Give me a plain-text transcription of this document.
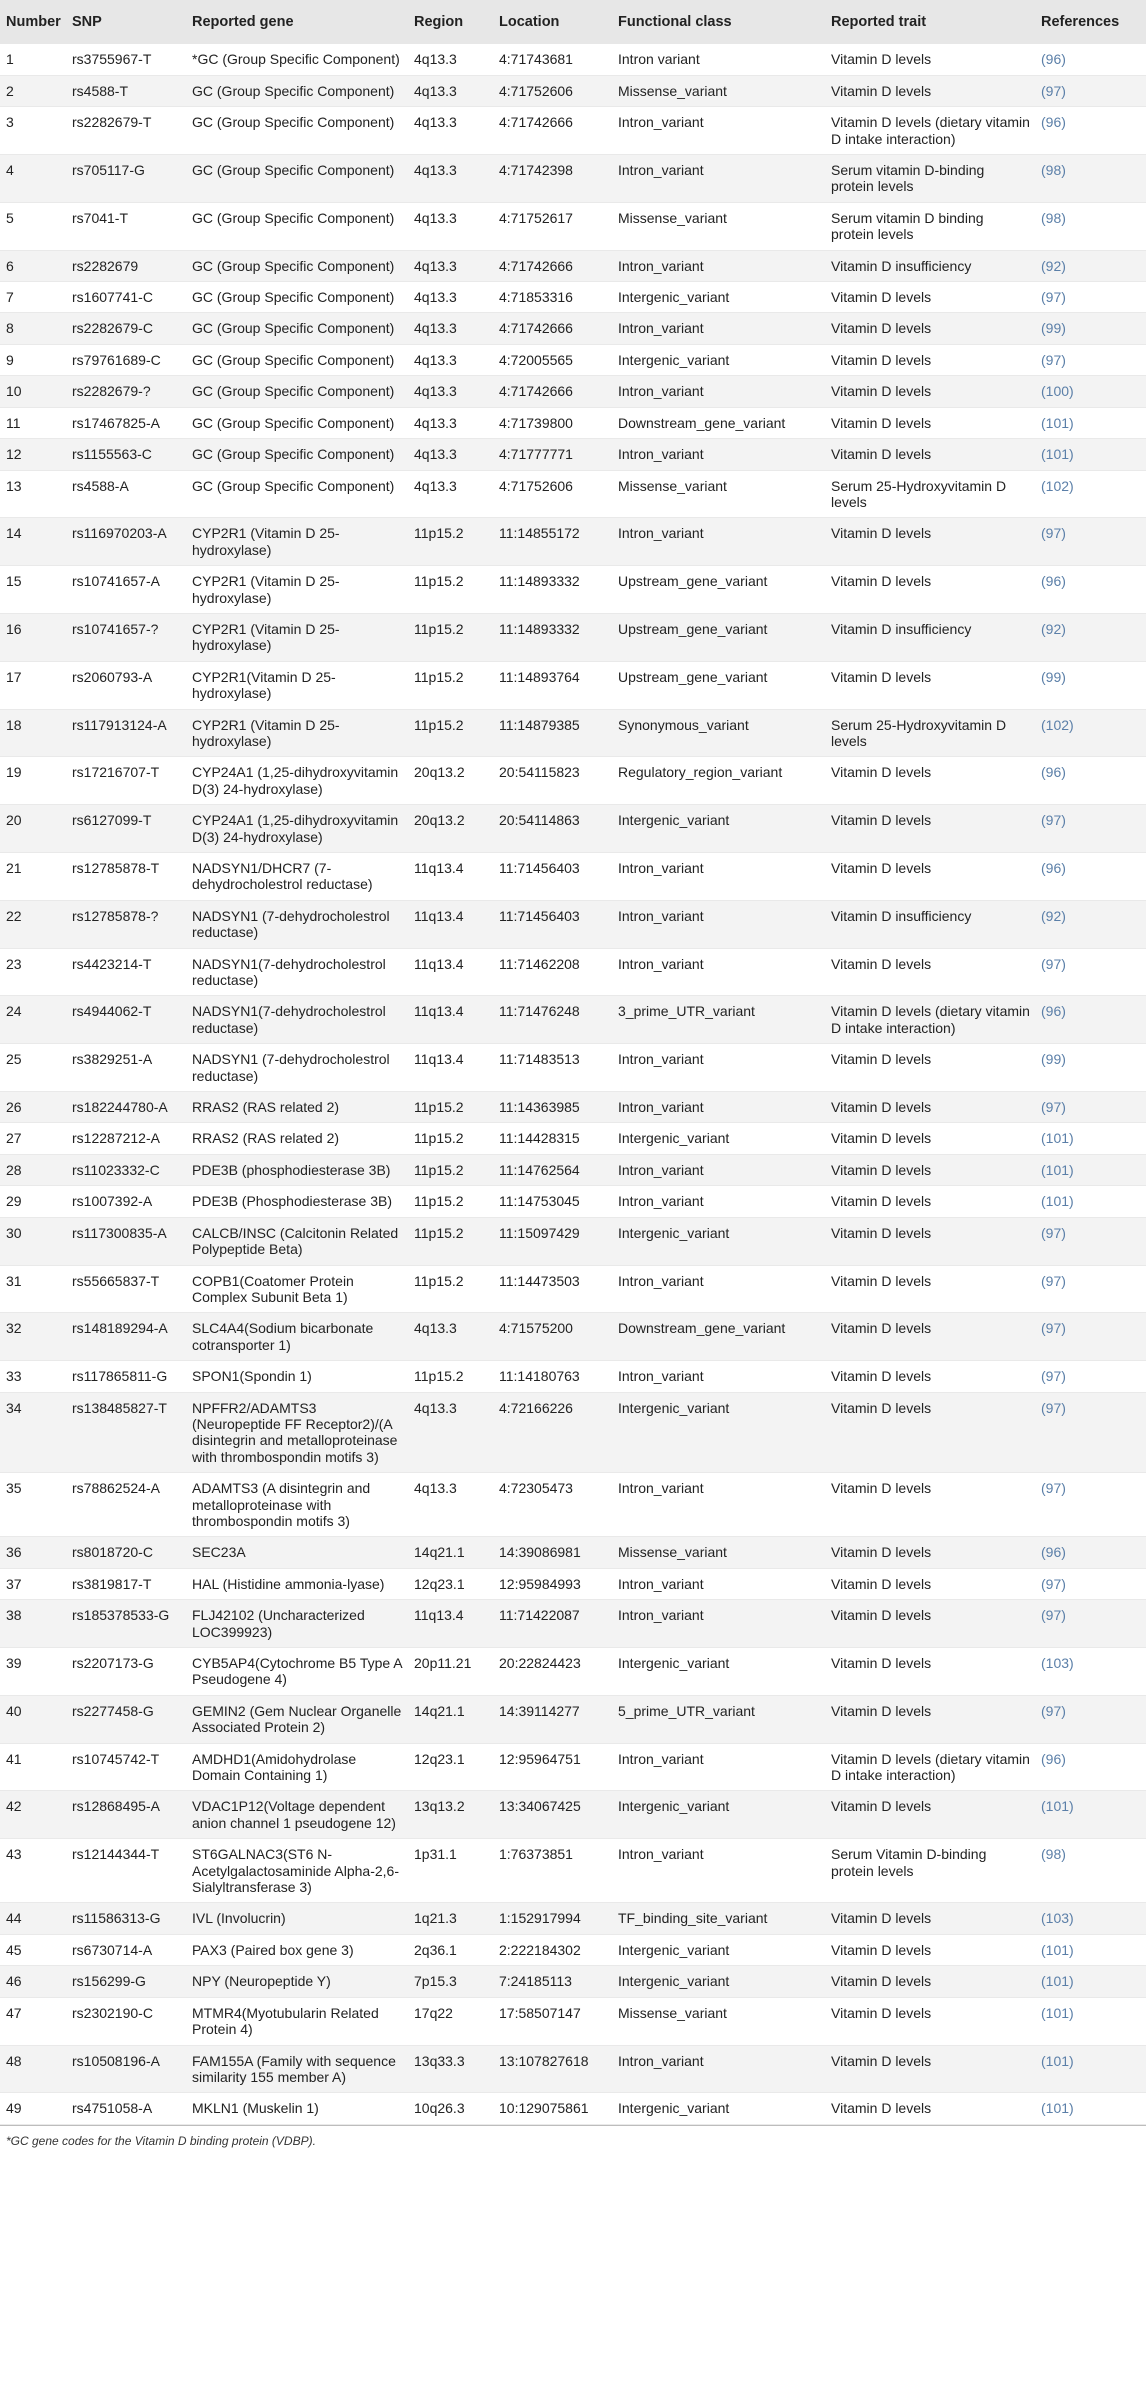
Number	SNP	Reported gene	Region	Location	Functional class	Reported trait	References
1	rs3755967-T	*GC (Group Specific Component)	4q13.3	4:71743681	Intron variant	Vitamin D levels	(96)
2	rs4588-T	GC (Group Specific Component)	4q13.3	4:71752606	Missense_variant	Vitamin D levels	(97)
3	rs2282679-T	GC (Group Specific Component)	4q13.3	4:71742666	Intron_variant	Vitamin D levels (dietary vitamin D intake interaction)	(96)
4	rs705117-G	GC (Group Specific Component)	4q13.3	4:71742398	Intron_variant	Serum vitamin D-binding protein levels	(98)
5	rs7041-T	GC (Group Specific Component)	4q13.3	4:71752617	Missense_variant	Serum vitamin D binding protein levels	(98)
6	rs2282679	GC (Group Specific Component)	4q13.3	4:71742666	Intron_variant	Vitamin D insufficiency	(92)
7	rs1607741-C	GC (Group Specific Component)	4q13.3	4:71853316	Intergenic_variant	Vitamin D levels	(97)
8	rs2282679-C	GC (Group Specific Component)	4q13.3	4:71742666	Intron_variant	Vitamin D levels	(99)
9	rs79761689-C	GC (Group Specific Component)	4q13.3	4:72005565	Intergenic_variant	Vitamin D levels	(97)
10	rs2282679-?	GC (Group Specific Component)	4q13.3	4:71742666	Intron_variant	Vitamin D levels	(100)
11	rs17467825-A	GC (Group Specific Component)	4q13.3	4:71739800	Downstream_gene_variant	Vitamin D levels	(101)
12	rs1155563-C	GC (Group Specific Component)	4q13.3	4:71777771	Intron_variant	Vitamin D levels	(101)
13	rs4588-A	GC (Group Specific Component)	4q13.3	4:71752606	Missense_variant	Serum 25-Hydroxyvitamin D levels	(102)
14	rs116970203-A	CYP2R1 (Vitamin D 25-hydroxylase)	11p15.2	11:14855172	Intron_variant	Vitamin D levels	(97)
15	rs10741657-A	CYP2R1 (Vitamin D 25-hydroxylase)	11p15.2	11:14893332	Upstream_gene_variant	Vitamin D levels	(96)
16	rs10741657-?	CYP2R1 (Vitamin D 25-hydroxylase)	11p15.2	11:14893332	Upstream_gene_variant	Vitamin D insufficiency	(92)
17	rs2060793-A	CYP2R1(Vitamin D 25-hydroxylase)	11p15.2	11:14893764	Upstream_gene_variant	Vitamin D levels	(99)
18	rs117913124-A	CYP2R1 (Vitamin D 25-hydroxylase)	11p15.2	11:14879385	Synonymous_variant	Serum 25-Hydroxyvitamin D levels	(102)
19	rs17216707-T	CYP24A1 (1,25-dihydroxyvitamin D(3) 24-hydroxylase)	20q13.2	20:54115823	Regulatory_region_variant	Vitamin D levels	(96)
20	rs6127099-T	CYP24A1 (1,25-dihydroxyvitamin D(3) 24-hydroxylase)	20q13.2	20:54114863	Intergenic_variant	Vitamin D levels	(97)
21	rs12785878-T	NADSYN1/DHCR7 (7-dehydrocholestrol reductase)	11q13.4	11:71456403	Intron_variant	Vitamin D levels	(96)
22	rs12785878-?	NADSYN1 (7-dehydrocholestrol reductase)	11q13.4	11:71456403	Intron_variant	Vitamin D insufficiency	(92)
23	rs4423214-T	NADSYN1(7-dehydrocholestrol reductase)	11q13.4	11:71462208	Intron_variant	Vitamin D levels	(97)
24	rs4944062-T	NADSYN1(7-dehydrocholestrol reductase)	11q13.4	11:71476248	3_prime_UTR_variant	Vitamin D levels (dietary vitamin D intake interaction)	(96)
25	rs3829251-A	NADSYN1 (7-dehydrocholestrol reductase)	11q13.4	11:71483513	Intron_variant	Vitamin D levels	(99)
26	rs182244780-A	RRAS2 (RAS related 2)	11p15.2	11:14363985	Intron_variant	Vitamin D levels	(97)
27	rs12287212-A	RRAS2 (RAS related 2)	11p15.2	11:14428315	Intergenic_variant	Vitamin D levels	(101)
28	rs11023332-C	PDE3B (phosphodiesterase 3B)	11p15.2	11:14762564	Intron_variant	Vitamin D levels	(101)
29	rs1007392-A	PDE3B (Phosphodiesterase 3B)	11p15.2	11:14753045	Intron_variant	Vitamin D levels	(101)
30	rs117300835-A	CALCB/INSC (Calcitonin Related Polypeptide Beta)	11p15.2	11:15097429	Intergenic_variant	Vitamin D levels	(97)
31	rs55665837-T	COPB1(Coatomer Protein Complex Subunit Beta 1)	11p15.2	11:14473503	Intron_variant	Vitamin D levels	(97)
32	rs148189294-A	SLC4A4(Sodium bicarbonate cotransporter 1)	4q13.3	4:71575200	Downstream_gene_variant	Vitamin D levels	(97)
33	rs117865811-G	SPON1(Spondin 1)	11p15.2	11:14180763	Intron_variant	Vitamin D levels	(97)
34	rs138485827-T	NPFFR2/ADAMTS3 (Neuropeptide FF Receptor2)/(A disintegrin and metalloproteinase with thrombospondin motifs 3)	4q13.3	4:72166226	Intergenic_variant	Vitamin D levels	(97)
35	rs78862524-A	ADAMTS3 (A disintegrin and metalloproteinase with thrombospondin motifs 3)	4q13.3	4:72305473	Intron_variant	Vitamin D levels	(97)
36	rs8018720-C	SEC23A	14q21.1	14:39086981	Missense_variant	Vitamin D levels	(96)
37	rs3819817-T	HAL (Histidine ammonia-lyase)	12q23.1	12:95984993	Intron_variant	Vitamin D levels	(97)
38	rs185378533-G	FLJ42102 (Uncharacterized LOC399923)	11q13.4	11:71422087	Intron_variant	Vitamin D levels	(97)
39	rs2207173-G	CYB5AP4(Cytochrome B5 Type A Pseudogene 4)	20p11.21	20:22824423	Intergenic_variant	Vitamin D levels	(103)
40	rs2277458-G	GEMIN2 (Gem Nuclear Organelle Associated Protein 2)	14q21.1	14:39114277	5_prime_UTR_variant	Vitamin D levels	(97)
41	rs10745742-T	AMDHD1(Amidohydrolase Domain Containing 1)	12q23.1	12:95964751	Intron_variant	Vitamin D levels (dietary vitamin D intake interaction)	(96)
42	rs12868495-A	VDAC1P12(Voltage dependent anion channel 1 pseudogene 12)	13q13.2	13:34067425	Intergenic_variant	Vitamin D levels	(101)
43	rs12144344-T	ST6GALNAC3(ST6 N-Acetylgalactosaminide Alpha-2,6-Sialyltransferase 3)	1p31.1	1:76373851	Intron_variant	Serum Vitamin D-binding protein levels	(98)
44	rs11586313-G	IVL (Involucrin)	1q21.3	1:152917994	TF_binding_site_variant	Vitamin D levels	(103)
45	rs6730714-A	PAX3 (Paired box gene 3)	2q36.1	2:222184302	Intergenic_variant	Vitamin D levels	(101)
46	rs156299-G	NPY (Neuropeptide Y)	7p15.3	7:24185113	Intergenic_variant	Vitamin D levels	(101)
47	rs2302190-C	MTMR4(Myotubularin Related Protein 4)	17q22	17:58507147	Missense_variant	Vitamin D levels	(101)
48	rs10508196-A	FAM155A (Family with sequence similarity 155 member A)	13q33.3	13:107827618	Intron_variant	Vitamin D levels	(101)
49	rs4751058-A	MKLN1 (Muskelin 1)	10q26.3	10:129075861	Intergenic_variant	Vitamin D levels	(101)
*GC gene codes for the Vitamin D binding protein (VDBP).
